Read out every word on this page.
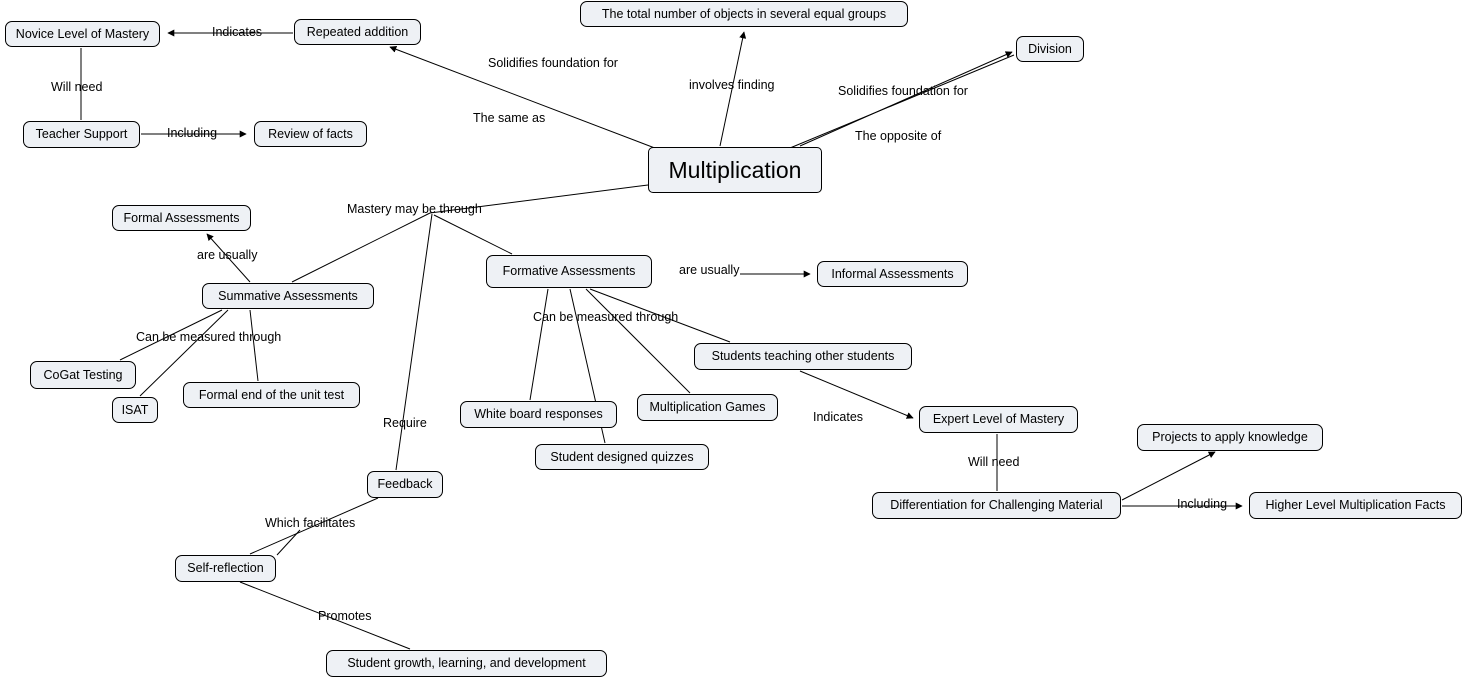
Multiplication
Novice Level of Mastery	Repeated addition
The total number of objects in several equal groups
Division
Teacher Support	Review of facts
Formal Assessments
Formative Assessments	Informal Assessments
Summative Assessments
Students teaching other students
CoGat Testing
Formal end of the unit test
ISAT	White board responses	Multiplication Games
Expert Level of Mastery
Projects to apply knowledge
Student designed quizzes
Feedback
Differentiation for Challenging Material	Higher Level Multiplication Facts
Self-reflection
Student growth, learning, and development
Indicates
Will need	involves finding
Solidifies foundation for
Solidifies foundation for
The same as
Including	The opposite of
Mastery may be through
are usually
are usually
Can be measured through
Can be measured through
Indicates
Require
Will need
Including
Which facilitates
Promotes
